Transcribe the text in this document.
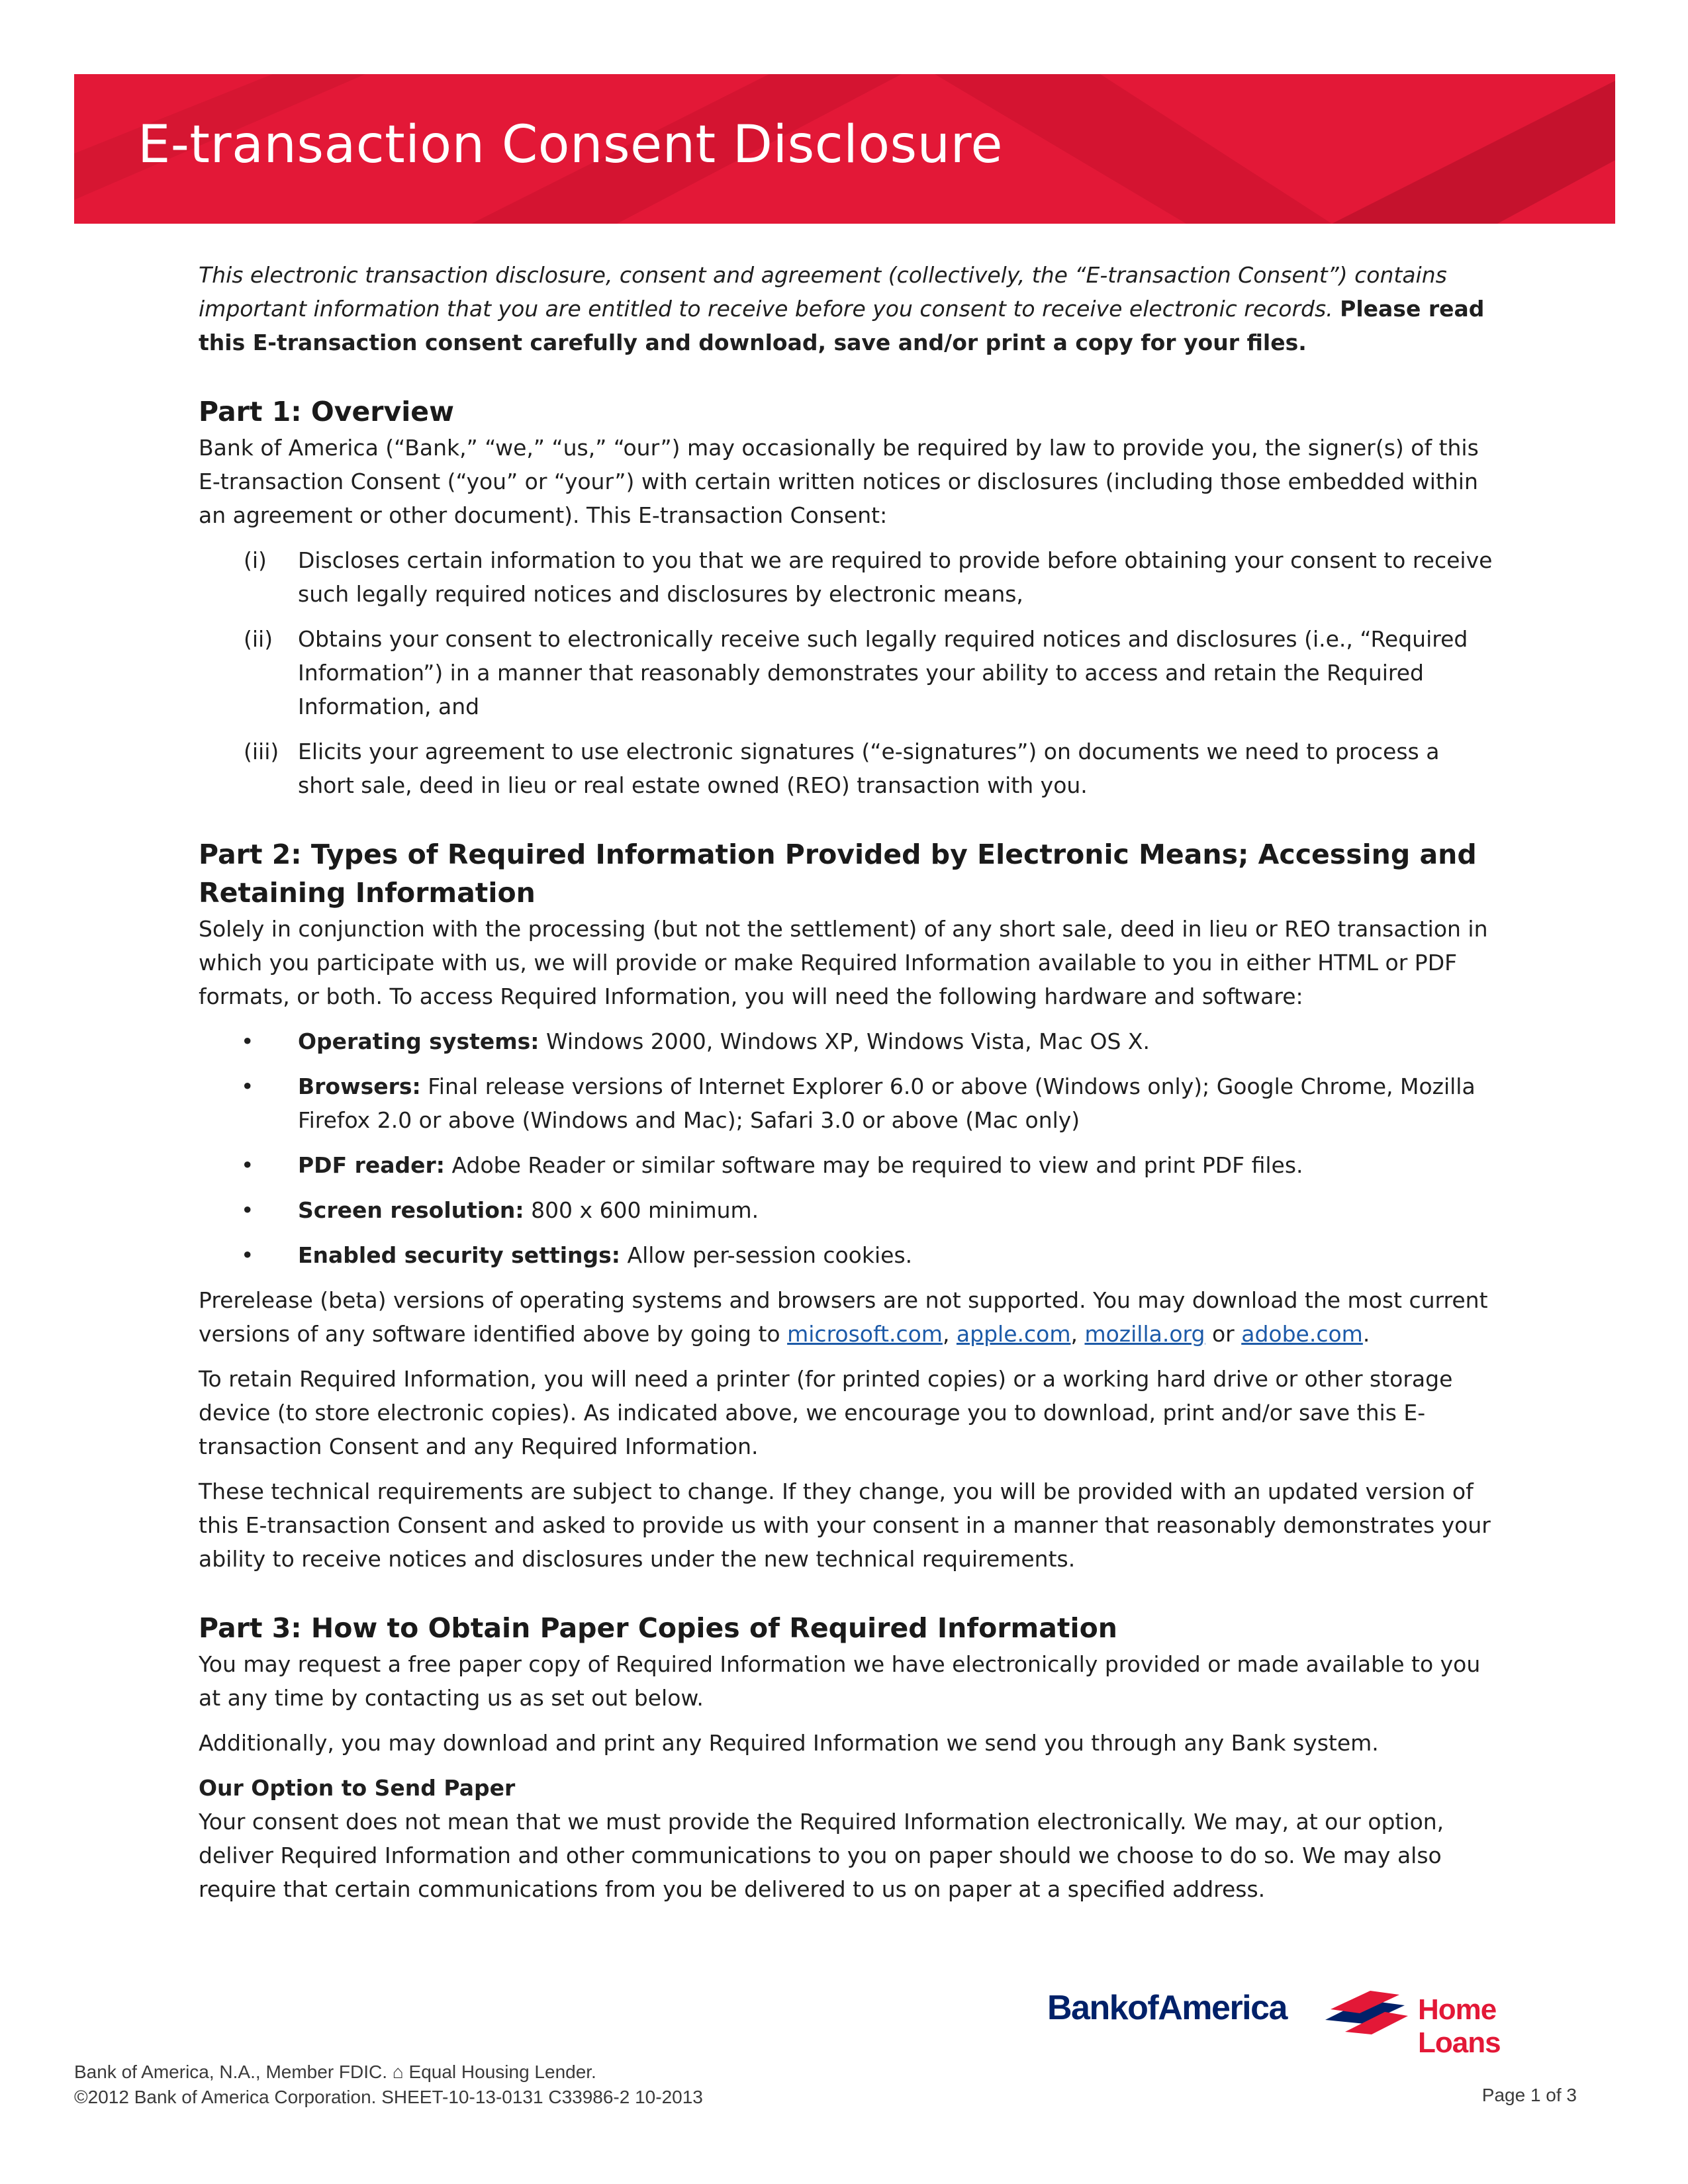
E-transaction Consent Disclosure

This electronic transaction disclosure, consent and agreement (collectively, the “E-transaction Consent”) contains important information that you are entitled to receive before you consent to receive electronic records. Please read this E-transaction consent carefully and download, save and/or print a copy for your files.

Part 1: Overview

Bank of America (“Bank,” “we,” “us,” “our”) may occasionally be required by law to provide you, the signer(s) of this E-transaction Consent (“you” or “your”) with certain written notices or disclosures (including those embedded within an agreement or other document). This E-transaction Consent:

(i)	Discloses certain information to you that we are required to provide before obtaining your consent to receive such legally required notices and disclosures by electronic means,
(ii)	Obtains your consent to electronically receive such legally required notices and disclosures (i.e., “Required Information”) in a manner that reasonably demonstrates your ability to access and retain the Required Information, and
(iii) Elicits your agreement to use electronic signatures (“e-signatures”) on documents we need to process a short sale, deed in lieu or real estate owned (REO) transaction with you.
Part 2: Types of Required Information Provided by Electronic Means; Accessing and Retaining Information

Solely in conjunction with the processing (but not the settlement) of any short sale, deed in lieu or REO transaction in which you participate with us, we will provide or make Required Information available to you in either HTML or PDF formats, or both. To access Required Information, you will need the following hardware and software:

•	Operating systems: Windows 2000, Windows XP, Windows Vista, Mac OS X.
•	Browsers: Final release versions of Internet Explorer 6.0 or above (Windows only); Google Chrome, Mozilla Firefox 2.0 or above (Windows and Mac); Safari 3.0 or above (Mac only)
•	PDF reader: Adobe Reader or similar software may be required to view and print PDF files.
•	Screen resolution: 800 x 600 minimum.
•	Enabled security settings: Allow per-session cookies.

Prerelease (beta) versions of operating systems and browsers are not supported. You may download the most current versions of any software identified above by going to microsoft.com, apple.com, mozilla.org or adobe.com.

To retain Required Information, you will need a printer (for printed copies) or a working hard drive or other storage device (to store electronic copies). As indicated above, we encourage you to download, print and/or save this E-transaction Consent and any Required Information.

These technical requirements are subject to change. If they change, you will be provided with an updated version of this E-transaction Consent and asked to provide us with your consent in a manner that reasonably demonstrates your ability to receive notices and disclosures under the new technical requirements.

Part 3: How to Obtain Paper Copies of Required Information

You may request a free paper copy of Required Information we have electronically provided or made available to you at any time by contacting us as set out below.

Additionally, you may download and print any Required Information we send you through any Bank system.

Our Option to Send Paper

Your consent does not mean that we must provide the Required Information electronically. We may, at our option, deliver Required Information and other communications to you on paper should we choose to do so. We may also require that certain communications from you be delivered to us on paper at a specified address.

BankofAmerica	Home Loans
Bank of America, N.A., Member FDIC. ⌂ Equal Housing Lender.
©2012 Bank of America Corporation. SHEET-10-13-0131 C33986-2 10-2013	Page 1 of 3
